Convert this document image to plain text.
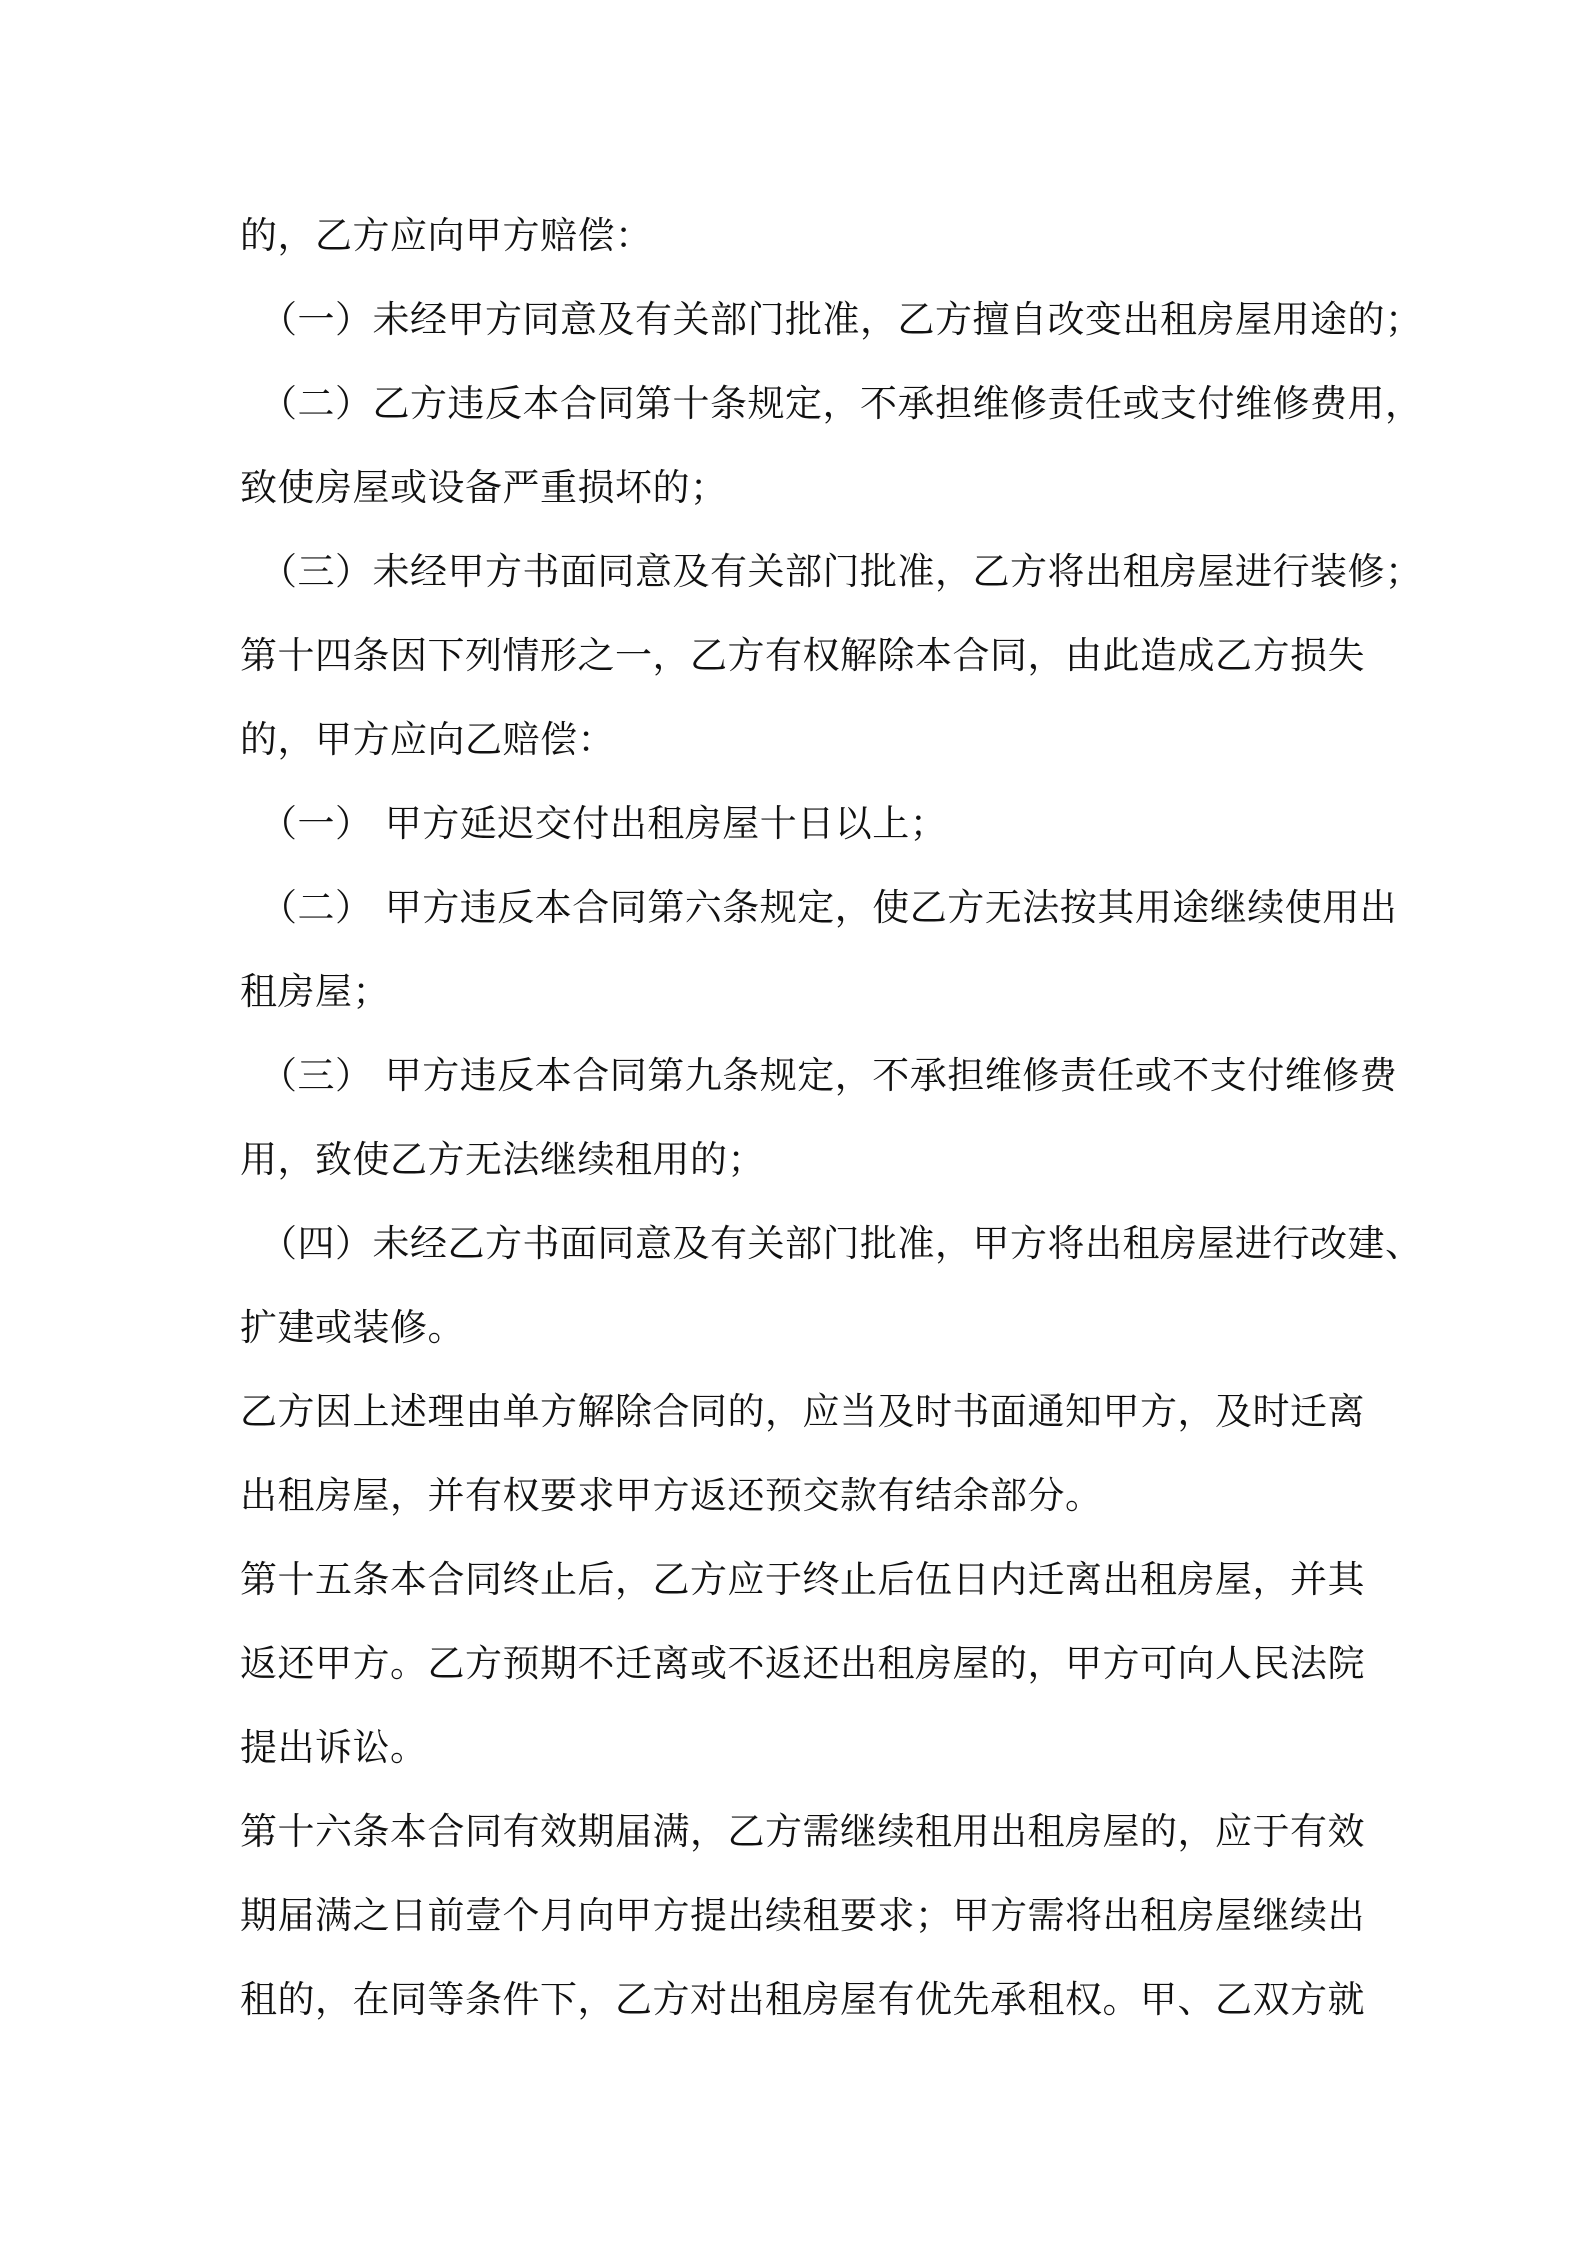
的，乙方应向甲方赔偿：
（一）未经甲方同意及有关部门批准，乙方擅自改变出租房屋用途的；
（二）乙方违反本合同第十条规定，不承担维修责任或支付维修费用，
致使房屋或设备严重损坏的；
（三）未经甲方书面同意及有关部门批准，乙方将出租房屋进行装修；
第十四条因下列情形之一，乙方有权解除本合同，由此造成乙方损失
的，甲方应向乙赔偿：
（一） 甲方延迟交付出租房屋十日以上；
（二） 甲方违反本合同第六条规定，使乙方无法按其用途继续使用出
租房屋；
（三） 甲方违反本合同第九条规定，不承担维修责任或不支付维修费
用，致使乙方无法继续租用的；
（四）未经乙方书面同意及有关部门批准，甲方将出租房屋进行改建、
扩建或装修。
乙方因上述理由单方解除合同的，应当及时书面通知甲方，及时迁离
出租房屋，并有权要求甲方返还预交款有结余部分。
第十五条本合同终止后，乙方应于终止后伍日内迁离出租房屋，并其
返还甲方。乙方预期不迁离或不返还出租房屋的，甲方可向人民法院
提出诉讼。
第十六条本合同有效期届满，乙方需继续租用出租房屋的，应于有效
期届满之日前壹个月向甲方提出续租要求；甲方需将出租房屋继续出
租的，在同等条件下，乙方对出租房屋有优先承租权。甲、乙双方就
